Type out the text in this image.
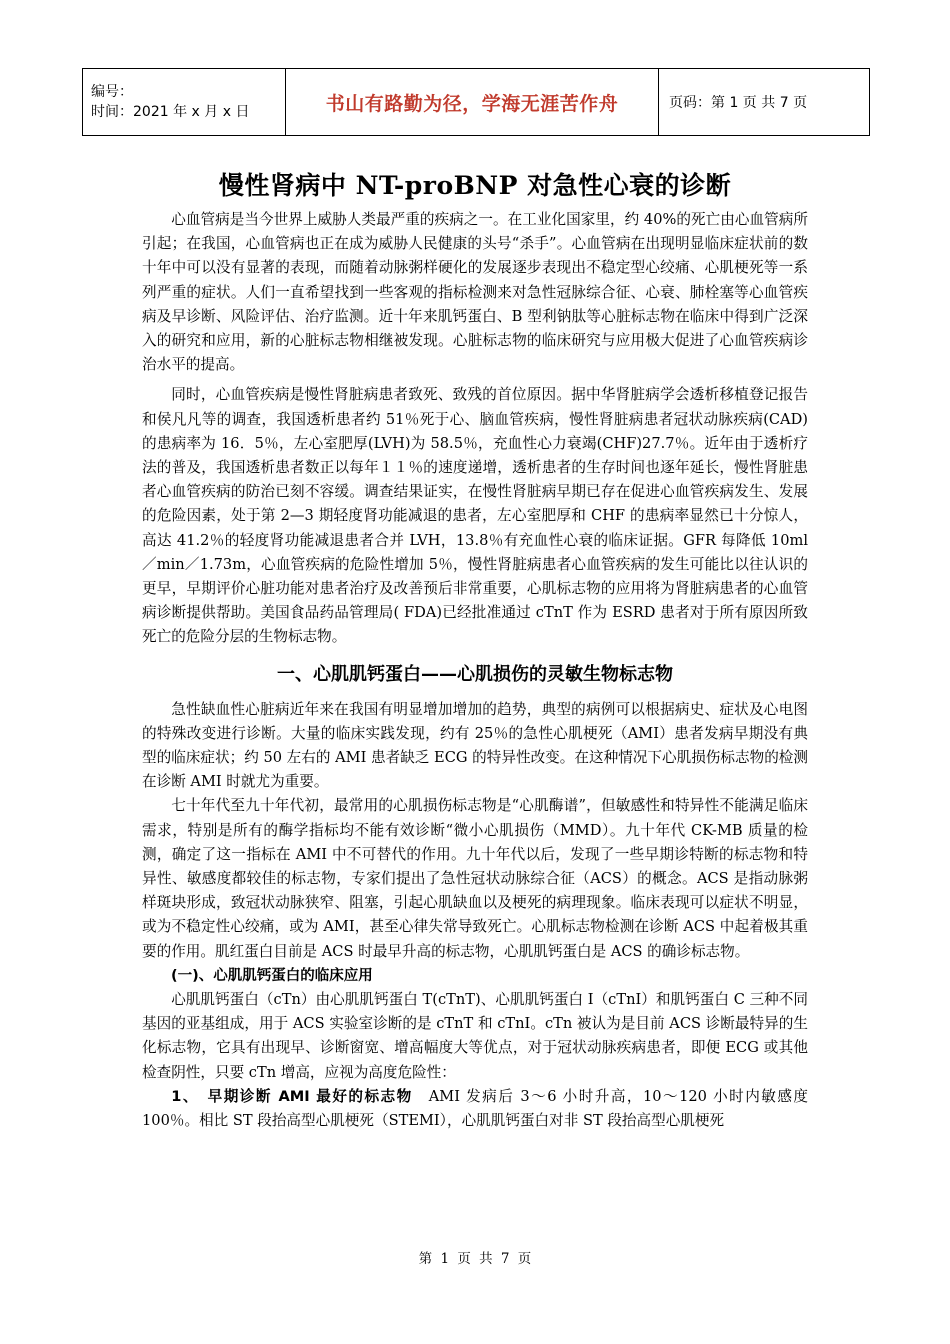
编号：
时间：2021 年 x 月 x 日	书山有路勤为径，学海无涯苦作舟	页码：第 1 页 共 7 页
慢性肾病中 NT-proBNP 对急性心衰的诊断

心血管病是当今世界上威胁人类最严重的疾病之一。在工业化国家里，约 40%的死亡由心血管病所引起；在我国，心血管病也正在成为威胁人民健康的头号“杀手”。心血管病在出现明显临床症状前的数十年中可以没有显著的表现，而随着动脉粥样硬化的发展逐步表现出不稳定型心绞痛、心肌梗死等一系列严重的症状。人们一直希望找到一些客观的指标检测来对急性冠脉综合征、心衰、肺栓塞等心血管疾病及早诊断、风险评估、治疗监测。近十年来肌钙蛋白、B 型利钠肽等心脏标志物在临床中得到广泛深入的研究和应用，新的心脏标志物相继被发现。心脏标志物的临床研究与应用极大促进了心血管疾病诊治水平的提高。

同时，心血管疾病是慢性肾脏病患者致死、致残的首位原因。据中华肾脏病学会透析移植登记报告和侯凡凡等的调查，我国透析患者约 51％死于心、脑血管疾病，慢性肾脏病患者冠状动脉疾病(CAD)的患病率为 16．5％，左心室肥厚(LVH)为 58.5％，充血性心力衰竭(CHF)27.7％。近年由于透析疗法的普及，我国透析患者数正以每年１１％的速度递增，透析患者的生存时间也逐年延长，慢性肾脏患者心血管疾病的防治已刻不容缓。调查结果证实，在慢性肾脏病早期已存在促进心血管疾病发生、发展的危险因素，处于第 2—3 期轻度肾功能减退的患者，左心室肥厚和 CHF 的患病率显然已十分惊人，高达 41.2％的轻度肾功能减退患者合并 LVH，13.8％有充血性心衰的临床证据。GFR 每降低 10ml／min／1.73m，心血管疾病的危险性增加 5％，慢性肾脏病患者心血管疾病的发生可能比以往认识的更早，早期评价心脏功能对患者治疗及改善预后非常重要，心肌标志物的应用将为肾脏病患者的心血管病诊断提供帮助。美国食品药品管理局( FDA)已经批准通过 cTnT 作为 ESRD 患者对于所有原因所致死亡的危险分层的生物标志物。

一、心肌肌钙蛋白——心肌损伤的灵敏生物标志物

急性缺血性心脏病近年来在我国有明显增加增加的趋势，典型的病例可以根据病史、症状及心电图的特殊改变进行诊断。大量的临床实践发现，约有 25％的急性心肌梗死（AMI）患者发病早期没有典型的临床症状；约 50 左右的 AMI 患者缺乏 ECG 的特异性改变。在这种情况下心肌损伤标志物的检测在诊断 AMI 时就尤为重要。

七十年代至九十年代初，最常用的心肌损伤标志物是“心肌酶谱”，但敏感性和特异性不能满足临床需求，特别是所有的酶学指标均不能有效诊断“微小心肌损伤（MMD）。九十年代 CK-MB 质量的检测，确定了这一指标在 AMI 中不可替代的作用。九十年代以后，发现了一些早期诊特断的标志物和特异性、敏感度都较佳的标志物，专家们提出了急性冠状动脉综合征（ACS）的概念。ACS 是指动脉粥样斑块形成，致冠状动脉狭窄、阻塞，引起心肌缺血以及梗死的病理现象。临床表现可以症状不明显，或为不稳定性心绞痛，或为 AMI，甚至心律失常导致死亡。心肌标志物检测在诊断 ACS 中起着极其重要的作用。肌红蛋白目前是 ACS 时最早升高的标志物，心肌肌钙蛋白是 ACS 的确诊标志物。

(一)、心肌肌钙蛋白的临床应用

心肌肌钙蛋白（cTn）由心肌肌钙蛋白 T(cTnT)、心肌肌钙蛋白 I（cTnI）和肌钙蛋白 C 三种不同基因的亚基组成，用于 ACS 实验室诊断的是 cTnT 和 cTnI。cTn 被认为是目前 ACS 诊断最特异的生化标志物，它具有出现早、诊断窗宽、增高幅度大等优点，对于冠状动脉疾病患者，即便 ECG 或其他检查阴性，只要 cTn 增高，应视为高度危险性：

1、　早期诊断 AMI 最好的标志物　AMI 发病后 3～6 小时升高，10～120 小时内敏感度 100％。相比 ST 段抬高型心肌梗死（STEMI），心肌肌钙蛋白对非 ST 段抬高型心肌梗死

第 1 页 共 7 页
